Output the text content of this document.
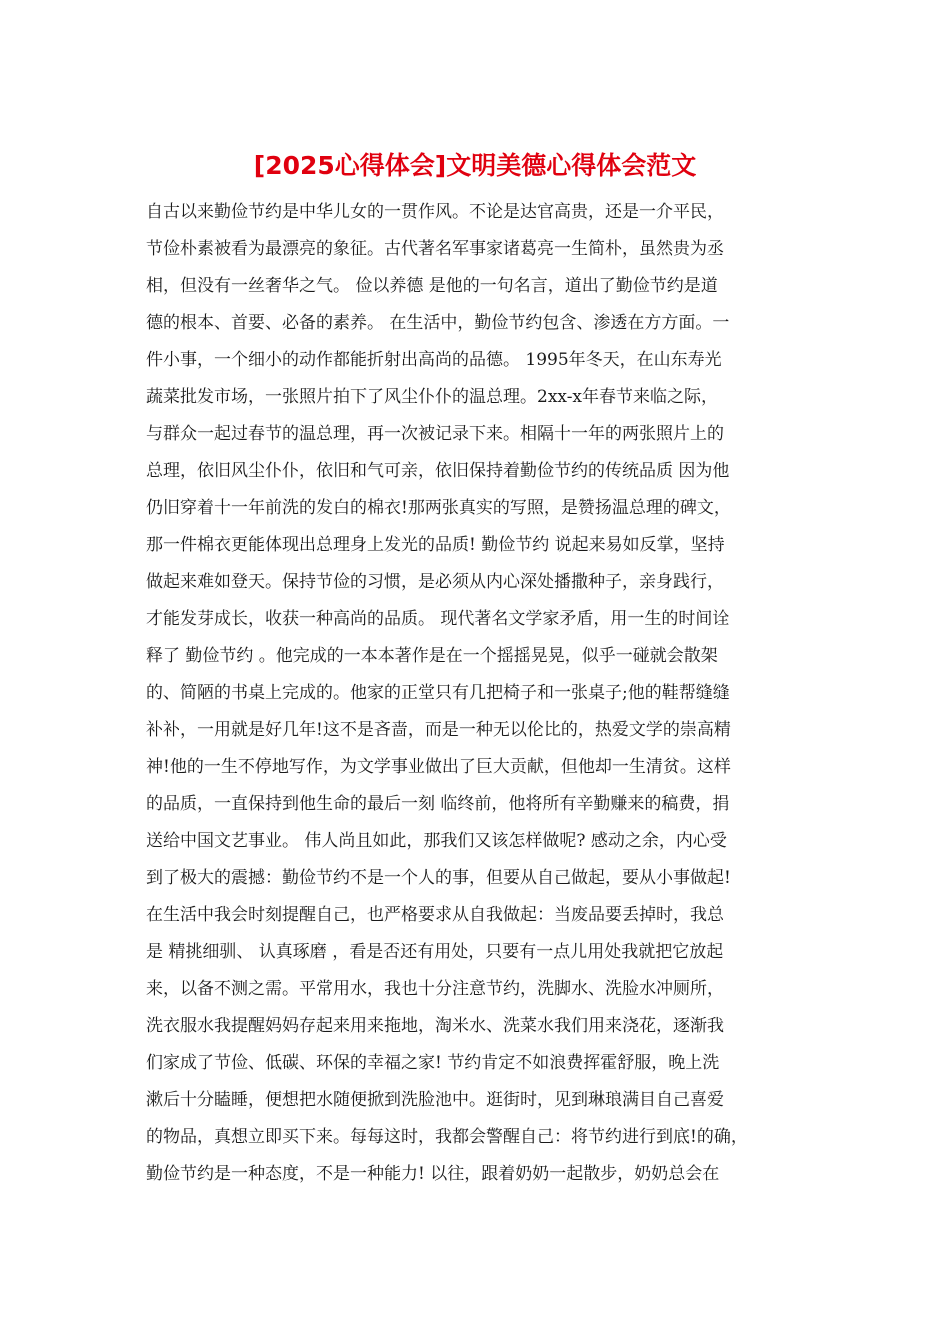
[2025心得体会]文明美德心得体会范文
自古以来勤俭节约是中华儿女的一贯作风。不论是达官高贵，还是一介平民，
节俭朴素被看为最漂亮的象征。古代著名军事家诸葛亮一生简朴，虽然贵为丞
相，但没有一丝奢华之气。 俭以养德 是他的一句名言，道出了勤俭节约是道
德的根本、首要、必备的素养。 在生活中，勤俭节约包含、渗透在方方面。一
件小事，一个细小的动作都能折射出高尚的品德。 1995年冬天，在山东寿光
蔬菜批发市场，一张照片拍下了风尘仆仆的温总理。2xx-x年春节来临之际，
与群众一起过春节的温总理，再一次被记录下来。相隔十一年的两张照片上的
总理，依旧风尘仆仆，依旧和气可亲，依旧保持着勤俭节约的传统品质 因为他
仍旧穿着十一年前洗的发白的棉衣!那两张真实的写照，是赞扬温总理的碑文，
那一件棉衣更能体现出总理身上发光的品质! 勤俭节约 说起来易如反掌，坚持
做起来难如登天。保持节俭的习惯，是必须从内心深处播撒种子，亲身践行，
才能发芽成长，收获一种高尚的品质。 现代著名文学家矛盾，用一生的时间诠
释了 勤俭节约 。他完成的一本本著作是在一个摇摇晃晃，似乎一碰就会散架
的、简陋的书桌上完成的。他家的正堂只有几把椅子和一张桌子;他的鞋帮缝缝
补补，一用就是好几年!这不是吝啬，而是一种无以伦比的，热爱文学的崇高精
神!他的一生不停地写作，为文学事业做出了巨大贡献，但他却一生清贫。这样
的品质，一直保持到他生命的最后一刻 临终前，他将所有辛勤赚来的稿费，捐
送给中国文艺事业。 伟人尚且如此，那我们又该怎样做呢? 感动之余，内心受
到了极大的震撼：勤俭节约不是一个人的事，但要从自己做起，要从小事做起!
在生活中我会时刻提醒自己，也严格要求从自我做起：当废品要丢掉时，我总
是 精挑细驯、 认真琢磨 ，看是否还有用处，只要有一点儿用处我就把它放起
来，以备不测之需。平常用水，我也十分注意节约，洗脚水、洗脸水冲厕所，
洗衣服水我提醒妈妈存起来用来拖地，淘米水、洗菜水我们用来浇花，逐渐我
们家成了节俭、低碳、环保的幸福之家! 节约肯定不如浪费挥霍舒服，晚上洗
漱后十分瞌睡，便想把水随便掀到洗脸池中。逛街时，见到琳琅满目自己喜爱
的物品，真想立即买下来。每每这时，我都会警醒自己：将节约进行到底!的确，
勤俭节约是一种态度，不是一种能力! 以往，跟着奶奶一起散步，奶奶总会在
